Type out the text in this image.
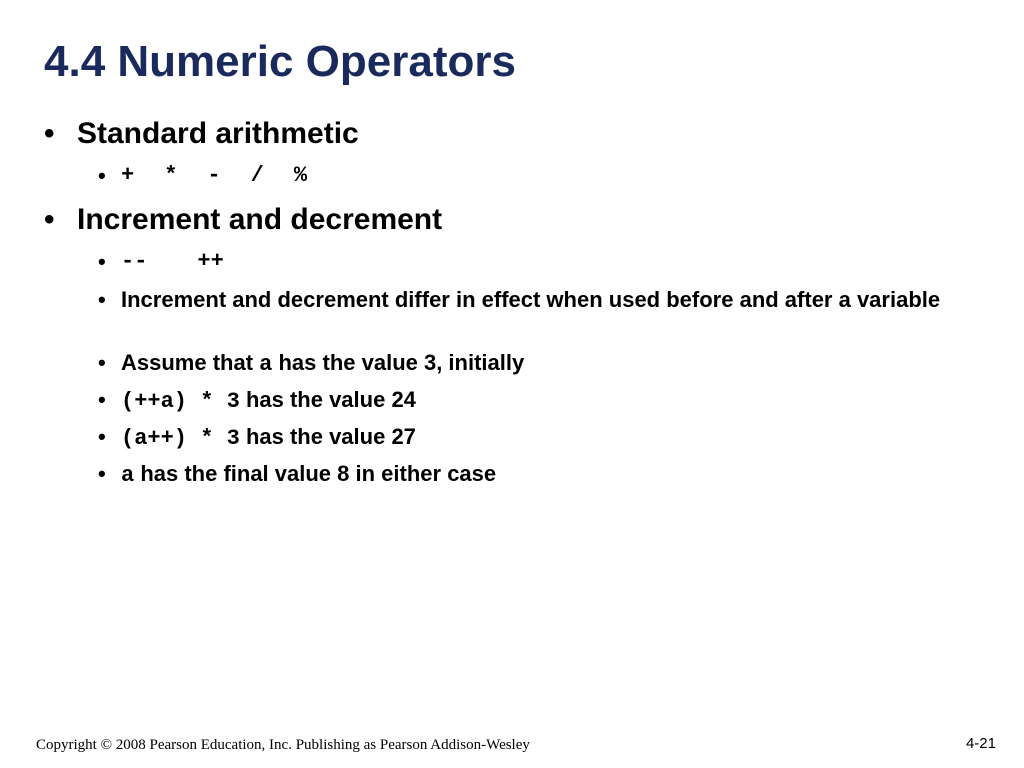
4.4 Numeric Operators
• Standard arithmetic
• + * - / %
• Increment and decrement
• -- ++
• Increment and decrement differ in effect when used before and after a variable
• Assume that a has the value 3, initially
• (++a) * 3 has the value 24
• (a++) * 3 has the value 27
• a has the final value 8 in either case
Copyright © 2008 Pearson Education, Inc. Publishing as Pearson Addison-Wesley	4-21
